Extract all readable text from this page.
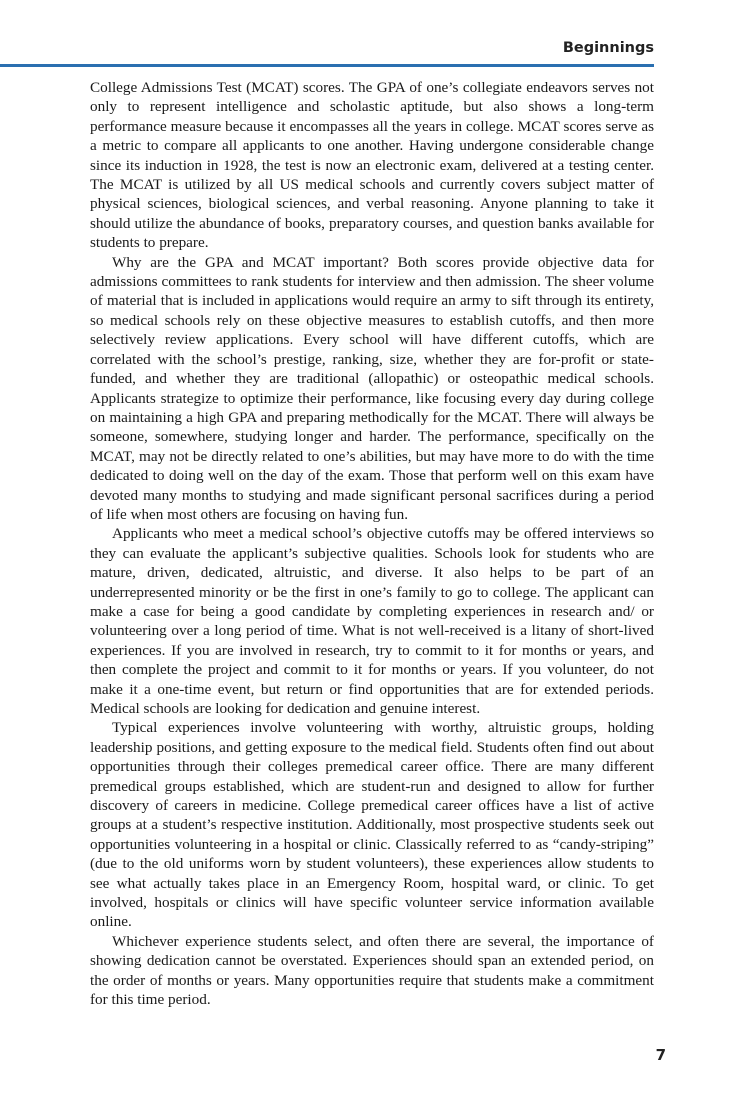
Beginnings

College Admissions Test (MCAT) scores. The GPA of one’s collegiate endeavors serves not only to represent intelligence and scholastic aptitude, but also shows a long-term performance measure because it encompasses all the years in college. MCAT scores serve as a metric to compare all applicants to one another. Having undergone considerable change since its induction in 1928, the test is now an electronic exam, delivered at a testing center. The MCAT is utilized by all US medical schools and currently covers subject matter of physical sciences, biological sciences, and verbal reasoning. Anyone planning to take it should utilize the abundance of books, preparatory courses, and question banks available for students to prepare.

Why are the GPA and MCAT important? Both scores provide objective data for admissions committees to rank students for interview and then admission. The sheer volume of material that is included in applications would require an army to sift through its entirety, so medical schools rely on these objective measures to establish cutoffs, and then more selectively review applications. Every school will have different cutoffs, which are correlated with the school’s prestige, ranking, size, whether they are for-profit or state-funded, and whether they are traditional (allopathic) or osteopathic medical schools. Applicants strategize to optimize their performance, like focusing every day during college on maintaining a high GPA and preparing methodically for the MCAT. There will always be someone, somewhere, studying longer and harder. The performance, specifically on the MCAT, may not be directly related to one’s abilities, but may have more to do with the time dedicated to doing well on the day of the exam. Those that perform well on this exam have devoted many months to studying and made significant personal sacrifices during a period of life when most others are focusing on having fun.

Applicants who meet a medical school’s objective cutoffs may be offered interviews so they can evaluate the applicant’s subjective qualities. Schools look for students who are mature, driven, dedicated, altruistic, and diverse. It also helps to be part of an underrepresented minority or be the first in one’s family to go to college. The applicant can make a case for being a good candidate by completing experiences in research and/ or volunteering over a long period of time. What is not well-received is a litany of short-lived experiences. If you are involved in research, try to commit to it for months or years, and then complete the project and commit to it for months or years. If you volunteer, do not make it a one-time event, but return or find opportunities that are for extended periods. Medical schools are looking for dedication and genuine interest.

Typical experiences involve volunteering with worthy, altruistic groups, holding leadership positions, and getting exposure to the medical field. Students often find out about opportunities through their colleges premedical career office. There are many different premedical groups established, which are student-run and designed to allow for further discovery of careers in medicine. College premedical career offices have a list of active groups at a student’s respective institution. Additionally, most prospective students seek out opportunities volunteering in a hospital or clinic. Classically referred to as “candy-striping” (due to the old uniforms worn by student volunteers), these experiences allow students to see what actually takes place in an Emergency Room, hospital ward, or clinic. To get involved, hospitals or clinics will have specific volunteer service information available online.

Whichever experience students select, and often there are several, the importance of showing dedication cannot be overstated. Experiences should span an extended period, on the order of months or years. Many opportunities require that students make a commitment for this time period.

7
